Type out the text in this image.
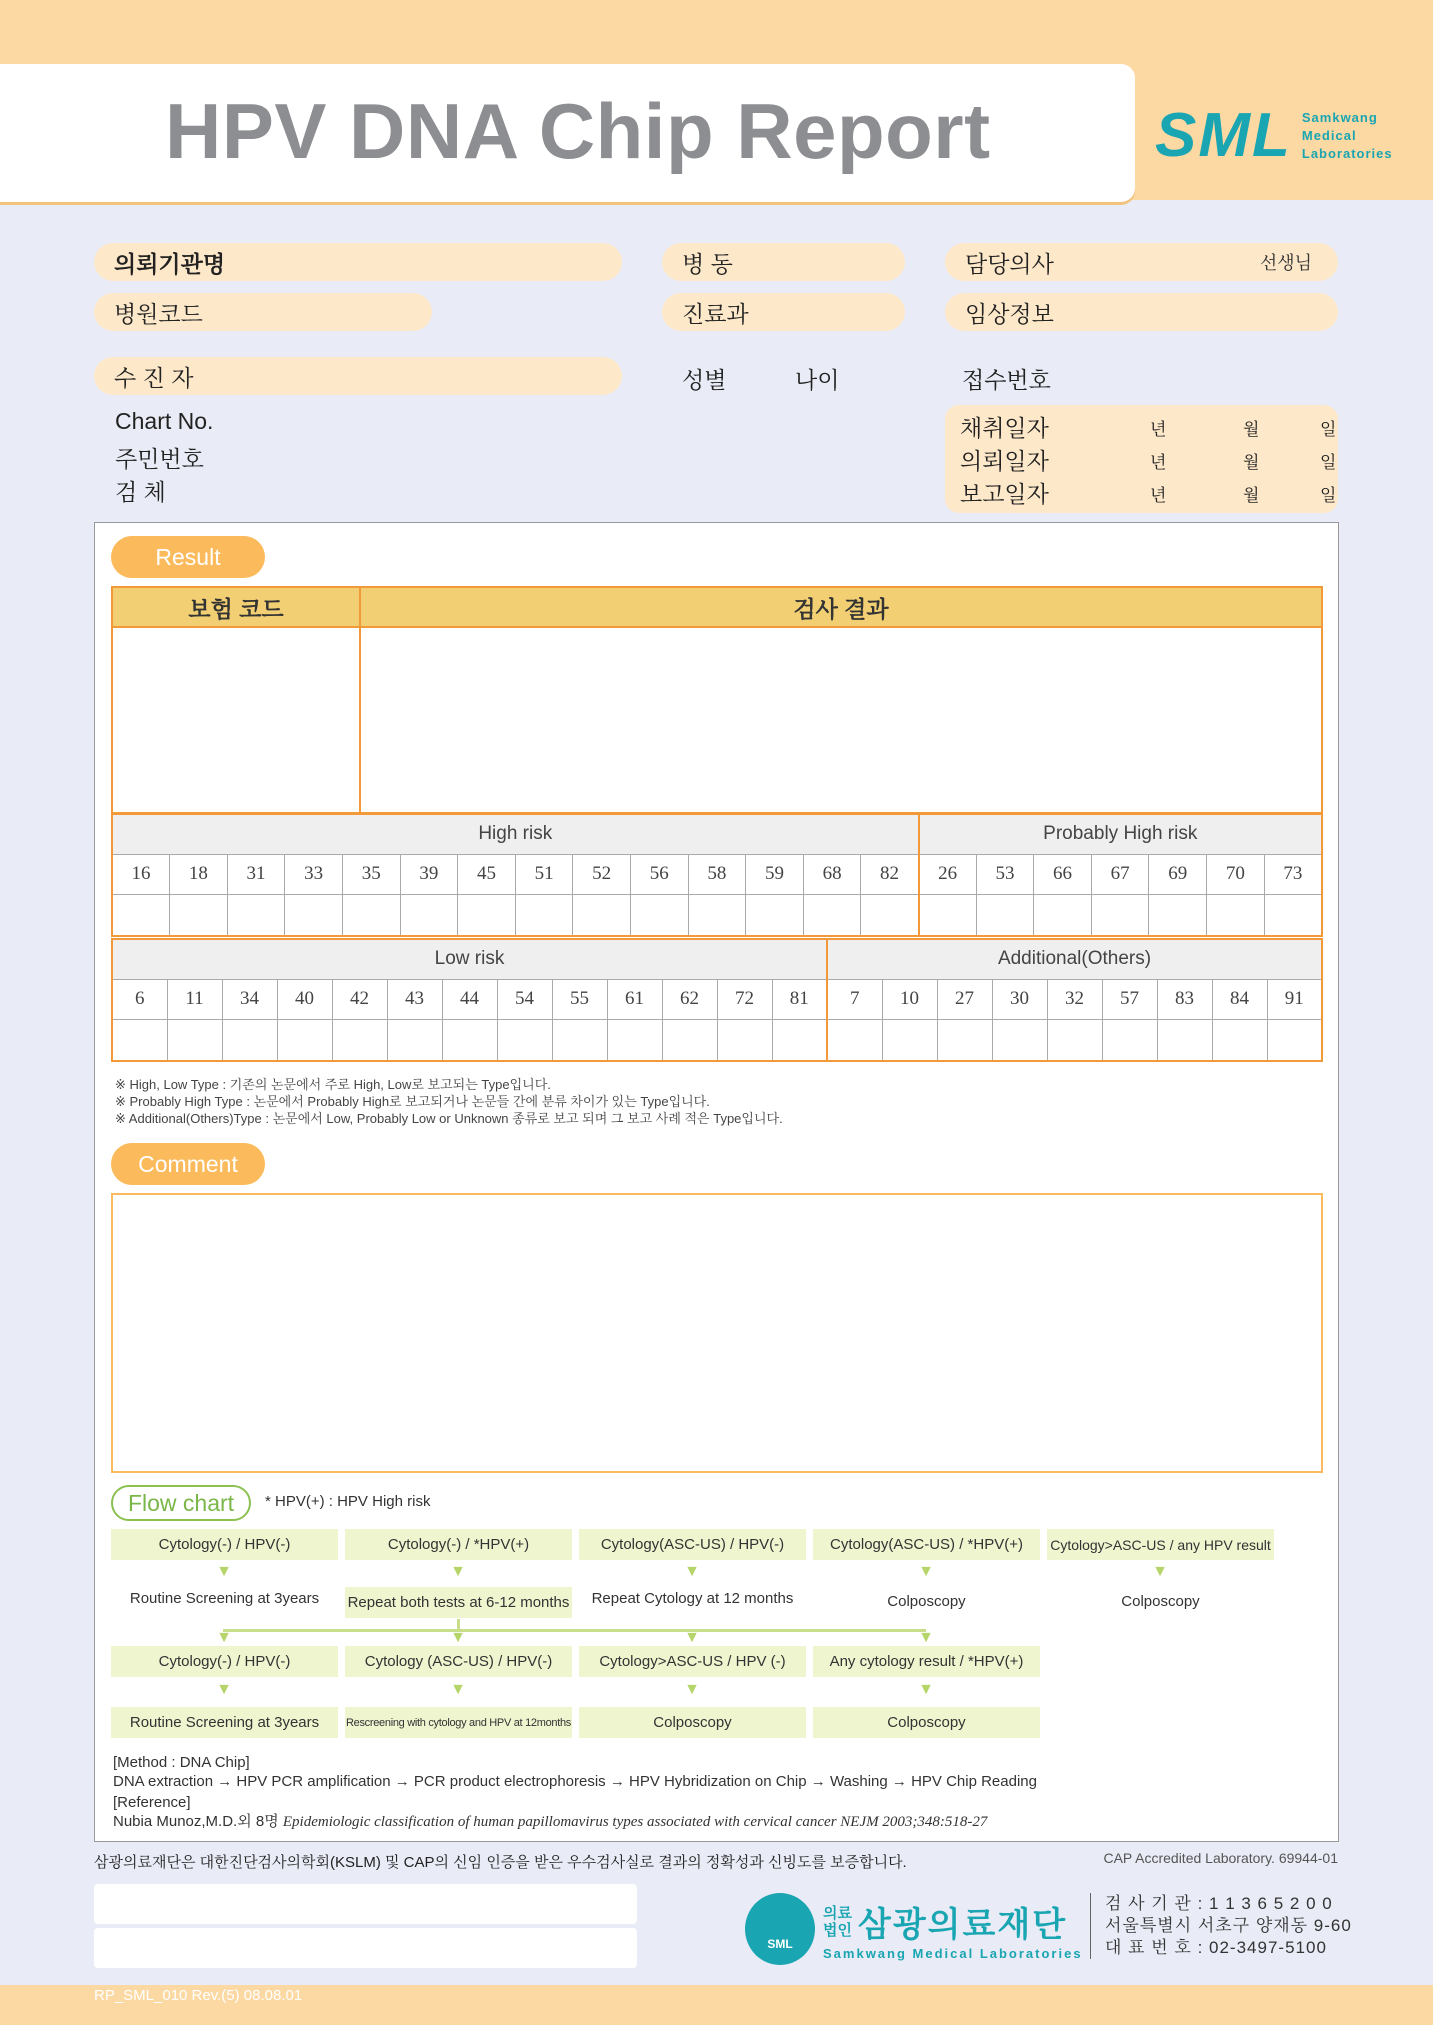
HPV DNA Chip Report	SML Samkwang
Medical
Laboratories
의뢰기관명	병 동	담당의사	선생님
병원코드	진료과	임상정보
수 진 자	성별	나이	접수번호
Chart No.
주민번호
검 체
채취일자	년	월	일
의뢰일자	년	월	일
보고일자	년	월	일
Result
보험 코드	검사 결과
High risk														Probably High risk						
16	18	31	33	35	39	45	51	52	56	58	59	68	82	26	53	66	67	69	70	73

Low risk													Additional(Others)								
6	11	34	40	42	43	44	54	55	61	62	72	81	7	10	27	30	32	57	83	84	91

※ High, Low Type : 기존의 논문에서 주로 High, Low로 보고되는 Type입니다.
※ Probably High Type : 논문에서 Probably High로 보고되거나 논문들 간에 분류 차이가 있는 Type입니다.
※ Additional(Others)Type : 논문에서 Low, Probably Low or Unknown 종류로 보고 되며 그 보고 사례 적은 Type입니다.
Comment
Flow chart	* HPV(+) : HPV High risk
Cytology(-) / HPV(-)	Cytology(-) / *HPV(+)	Cytology(ASC-US) / HPV(-)	Cytology(ASC-US) / *HPV(+)	Cytology>ASC-US / any HPV result
▼	▼	▼	▼	▼
Routine Screening at 3years	Repeat both tests at 6-12 months	Repeat Cytology at 12 months	Colposcopy	Colposcopy
▼	▼	▼	▼
Cytology(-) / HPV(-)	Cytology (ASC-US) / HPV(-)	Cytology>ASC-US / HPV (-)	Any cytology result / *HPV(+)
▼	▼	▼	▼
Routine Screening at 3years	Rescreening with cytology and HPV at 12months	Colposcopy	Colposcopy
[Method : DNA Chip]
DNA extraction → HPV PCR amplification → PCR product electrophoresis → HPV Hybridization on Chip → Washing → HPV Chip Reading
[Reference]
Nubia Munoz,M.D.외 8명 Epidemiologic classification of human papillomavirus types associated with cervical cancer NEJM 2003;348:518-27
삼광의료재단은 대한진단검사의학회(KSLM) 및 CAP의 신임 인증을 받은 우수검사실로 결과의 정확성과 신빙도를 보증합니다.	CAP Accredited Laboratory. 69944-01
SML
의료
법인 삼광의료재단
Samkwang Medical Laboratories
검 사 기 관 : 1 1 3 6 5 2 0 0
서울특별시 서초구 양재동 9-60
대 표 번 호 : 02-3497-5100
RP_SML_010 Rev.(5) 08.08.01
